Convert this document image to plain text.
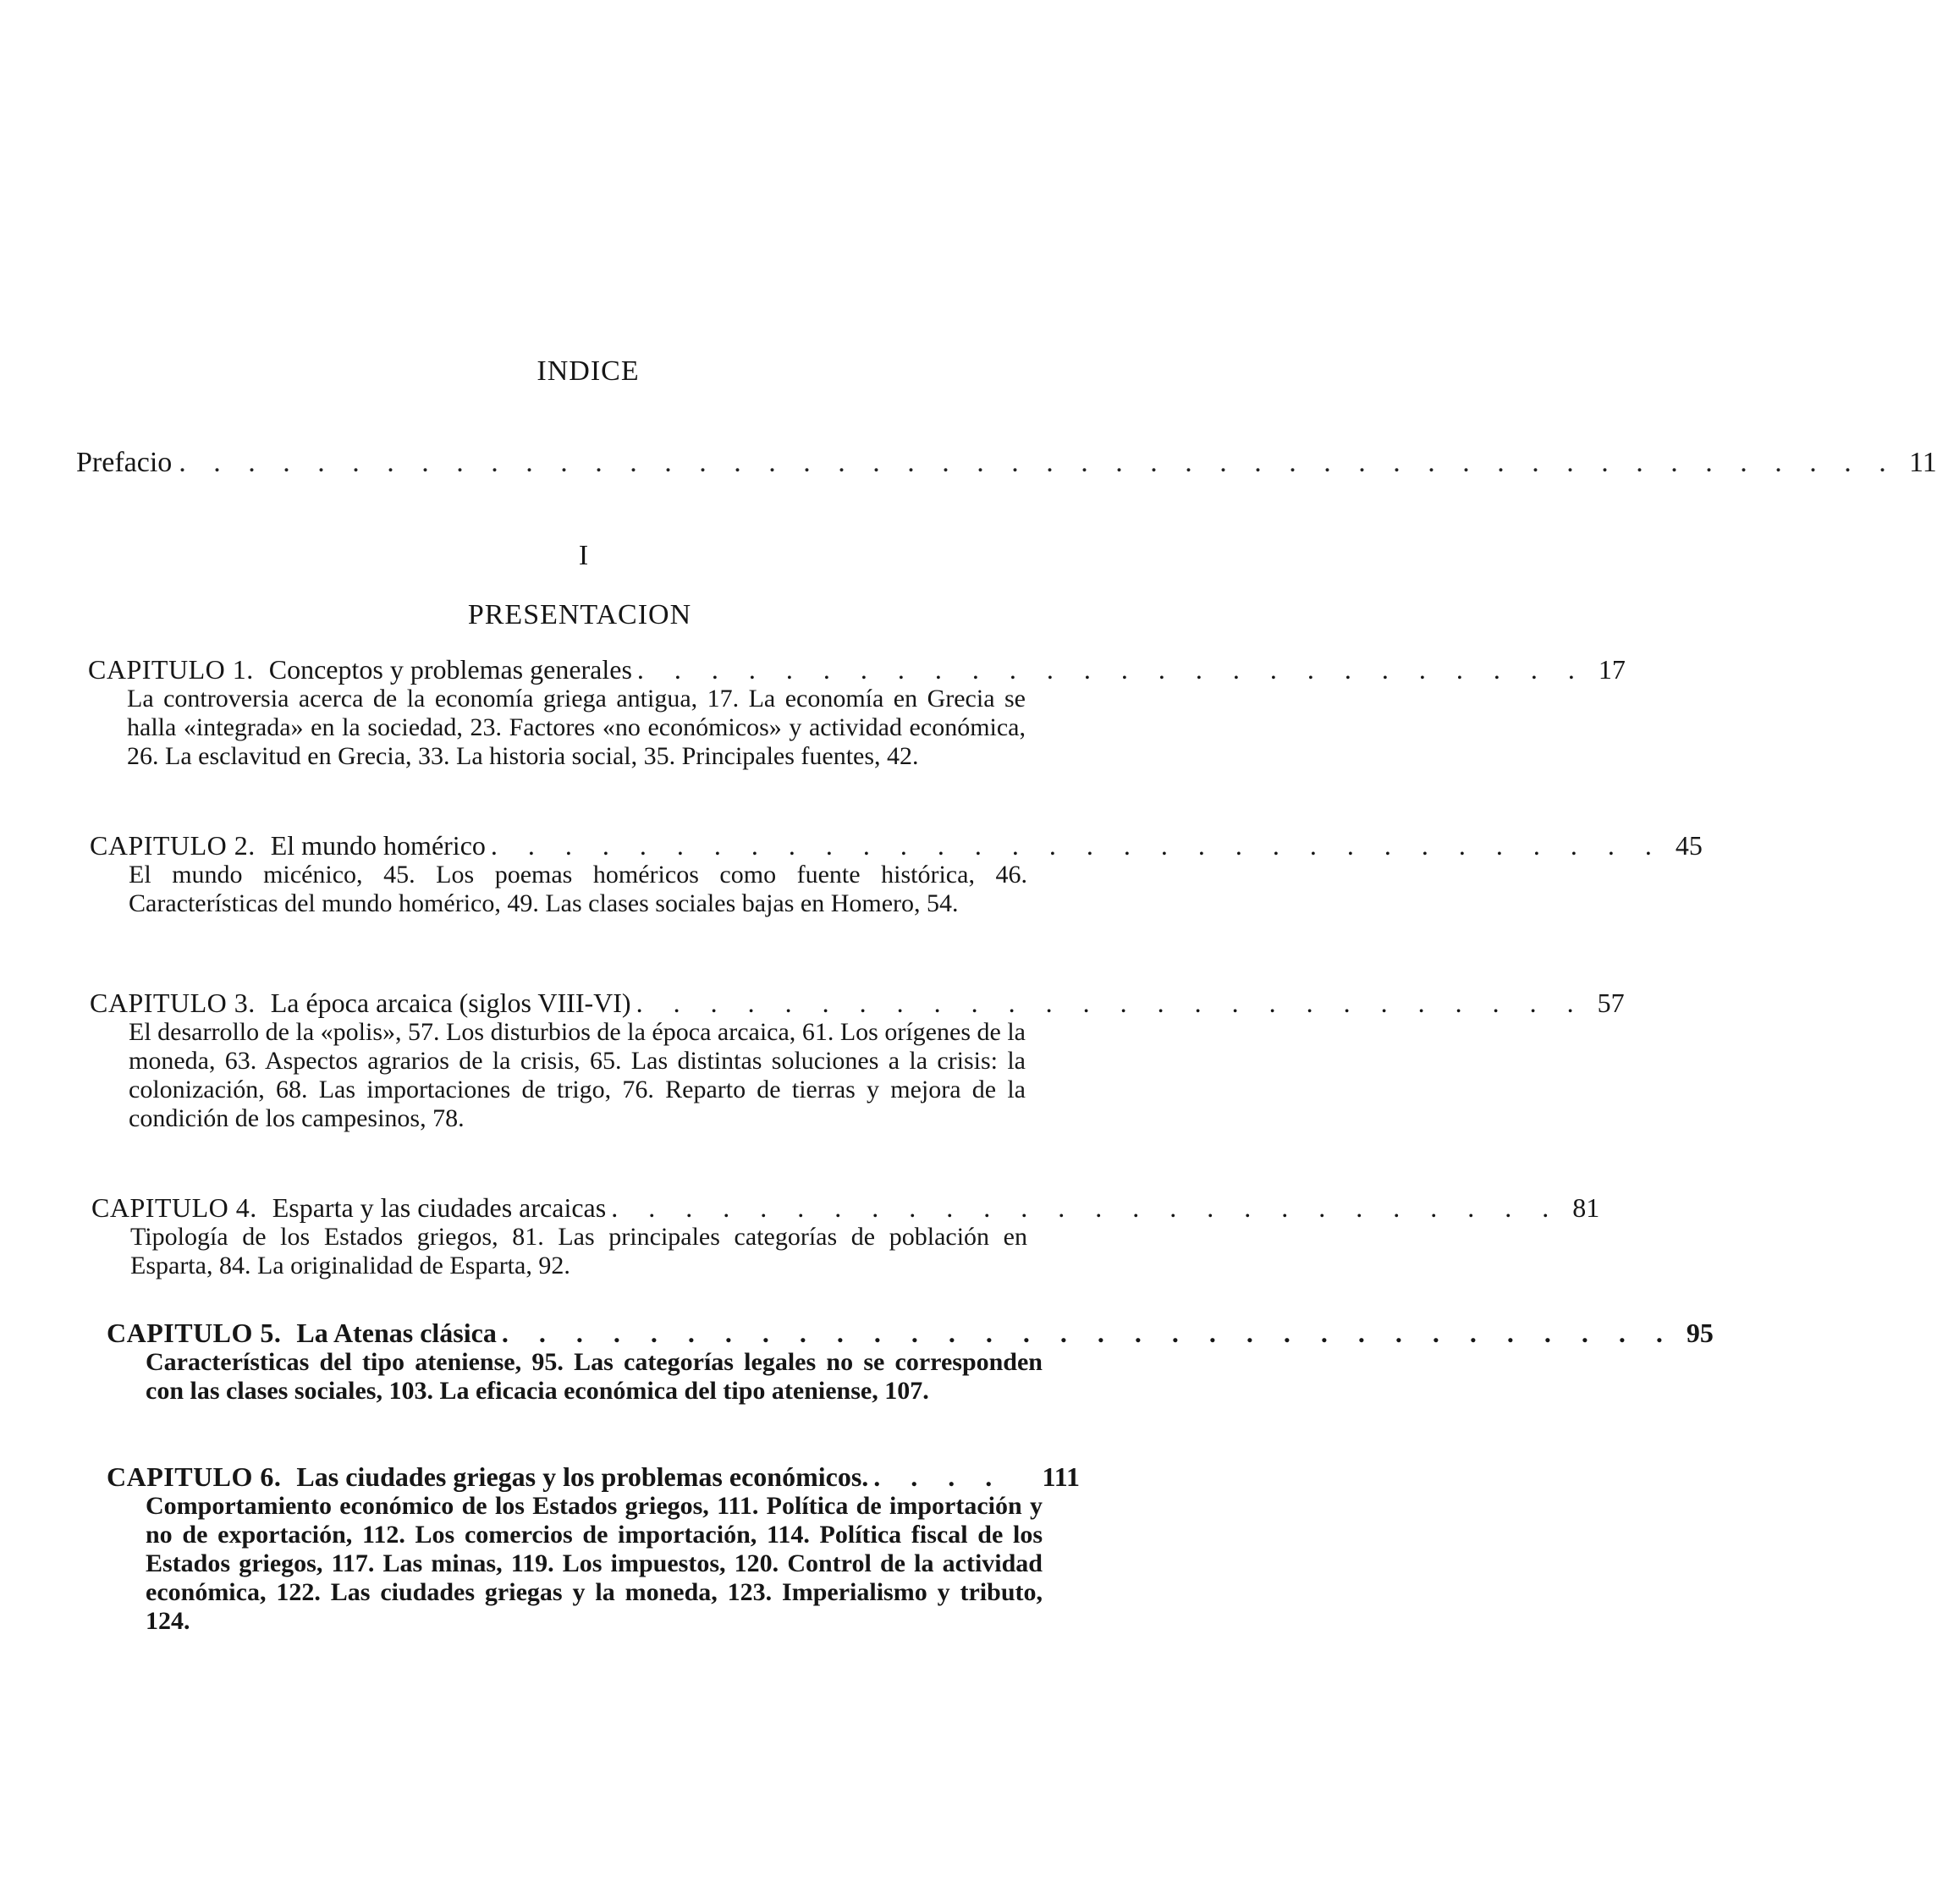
INDICE
Prefacio . . . . . . . . . . . . . . . . . . . . . . . . . . . . . . . . . . . . . . . . . . . . . . . . . . 11
I
PRESENTACION
CAPITULO 1. Conceptos y problemas generales . . . . . . . . . . . . . . . . . . . . . . . . . . 17
La controversia acerca de la economía griega antigua, 17. La economía en Grecia se halla «integrada» en la sociedad, 23. Factores «no económicos» y actividad económica, 26. La esclavitud en Grecia, 33. La historia social, 35. Principales fuentes, 42.
CAPITULO 2. El mundo homérico . . . . . . . . . . . . . . . . . . . . . . . . . . . . . . . . 45
El mundo micénico, 45. Los poemas homéricos como fuente histórica, 46. Características del mundo homérico, 49. Las clases sociales bajas en Homero, 54.
CAPITULO 3. La época arcaica (siglos VIII-VI) . . . . . . . . . . . . . . . . . . . . . . . . . . 57
El desarrollo de la «polis», 57. Los disturbios de la época arcaica, 61. Los orígenes de la moneda, 63. Aspectos agrarios de la crisis, 65. Las distintas soluciones a la crisis: la colonización, 68. Las importaciones de trigo, 76. Reparto de tierras y mejora de la condición de los campesinos, 78.
CAPITULO 4. Esparta y las ciudades arcaicas . . . . . . . . . . . . . . . . . . . . . . . . . . 81
Tipología de los Estados griegos, 81. Las principales categorías de población en Esparta, 84. La originalidad de Esparta, 92.
CAPITULO 5. La Atenas clásica . . . . . . . . . . . . . . . . . . . . . . . . . . . . . . . . 95
Características del tipo ateniense, 95. Las categorías legales no se corresponden con las clases sociales, 103. La eficacia económica del tipo ateniense, 107.
CAPITULO 6. Las ciudades griegas y los problemas económicos. . . . .	111
Comportamiento económico de los Estados griegos, 111. Política de importación y no de exportación, 112. Los comercios de importación, 114. Política fiscal de los Estados griegos, 117. Las minas, 119. Los impuestos, 120. Control de la actividad económica, 122. Las ciudades griegas y la moneda, 123. Imperialismo y tributo, 124.
